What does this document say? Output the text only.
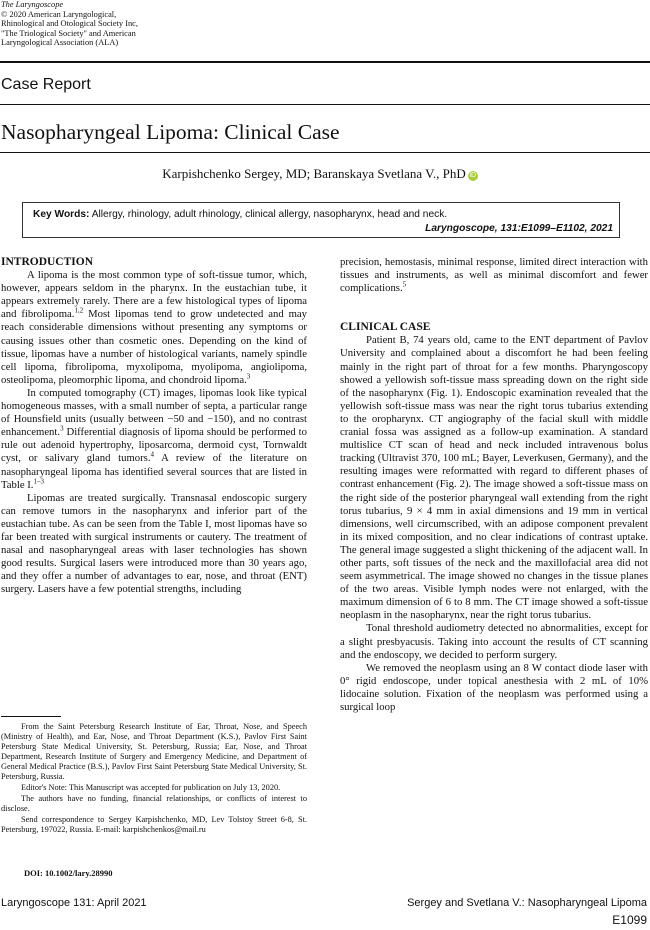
The Laryngoscope
© 2020 American Laryngological,
Rhinological and Otological Society Inc,
"The Triological Society" and American
Laryngological Association (ALA)
Case Report
Nasopharyngeal Lipoma: Clinical Case
Karpishchenko Sergey, MD; Baranskaya Svetlana V., PhD iD
Key Words: Allergy, rhinology, adult rhinology, clinical allergy, nasopharynx, head and neck.
Laryngoscope, 131:E1099–E1102, 2021
INTRODUCTION

A lipoma is the most common type of soft-tissue tumor, which, however, appears seldom in the pharynx. In the eustachian tube, it appears extremely rarely. There are a few histological types of lipoma and fibrolipoma.$^{1,2}$ Most lipomas tend to grow undetected and may reach considerable dimensions without presenting any symptoms or causing issues other than cosmetic ones. Depending on the kind of tissue, lipomas have a number of histological variants, namely spindle cell lipoma, fibrolipoma, myxolipoma, myolipoma, angiolipoma, osteolipoma, pleomorphic lipoma, and chondroid lipoma.$^3$

In computed tomography (CT) images, lipomas look like typical homogeneous masses, with a small number of septa, a particular range of Hounsfield units (usually between −50 and −150), and no contrast enhancement.$^3$ Differential diagnosis of lipoma should be performed to rule out adenoid hypertrophy, liposarcoma, dermoid cyst, Tornwaldt cyst, or salivary gland tumors.$^4$ A review of the literature on nasopharyngeal lipoma has identified several sources that are listed in Table I.$^{1-3}$

Lipomas are treated surgically. Transnasal endoscopic surgery can remove tumors in the nasopharynx and inferior part of the eustachian tube. As can be seen from the Table I, most lipomas have so far been treated with surgical instruments or cautery. The treatment of nasal and nasopharyngeal areas with laser technologies has shown good results. Surgical lasers were introduced more than 30 years ago, and they offer a number of advantages to ear, nose, and throat (ENT) surgery. Lasers have a few potential strengths, including

From the Saint Petersburg Research Institute of Ear, Throat, Nose, and Speech (Ministry of Health), and Ear, Nose, and Throat Department (K.S.), Pavlov First Saint Petersburg State Medical University, St. Petersburg, Russia; Ear, Nose, and Throat Department, Research Institute of Surgery and Emergency Medicine, and Department of General Medical Practice (B.S.), Pavlov First Saint Petersburg State Medical University, St. Petersburg, Russia.

Editor's Note: This Manuscript was accepted for publication on July 13, 2020.

The authors have no funding, financial relationships, or conflicts of interest to disclose.

Send correspondence to Sergey Karpishchenko, MD, Lev Tolstoy Street 6-8, St. Petersburg, 197022, Russia. E-mail: karpishchenkos@mail.ru

DOI: 10.1002/lary.28990

precision, hemostasis, minimal response, limited direct interaction with tissues and instruments, as well as minimal discomfort and fewer complications.$^5$

CLINICAL CASE

Patient B, 74 years old, came to the ENT department of Pavlov University and complained about a discomfort he had been feeling mainly in the right part of throat for a few months. Pharyngoscopy showed a yellowish soft-tissue mass spreading down on the right side of the nasopharynx (Fig. 1). Endoscopic examination revealed that the yellowish soft-tissue mass was near the right torus tubarius extending to the oropharynx. CT angiography of the facial skull with middle cranial fossa was assigned as a follow-up examination. A standard multislice CT scan of head and neck included intravenous bolus tracking (Ultravist 370, 100 mL; Bayer, Leverkusen, Germany), and the resulting images were reformatted with regard to different phases of contrast enhancement (Fig. 2). The image showed a soft-tissue mass on the right side of the posterior pharyngeal wall extending from the right torus tubarius, 9 × 4 mm in axial dimensions and 19 mm in vertical dimensions, well circumscribed, with an adipose component prevalent in its mixed composition, and no clear indications of contrast uptake. The general image suggested a slight thickening of the adjacent wall. In other parts, soft tissues of the neck and the maxillofacial area did not seem asymmetrical. The image showed no changes in the tissue planes of the two areas. Visible lymph nodes were not enlarged, with the maximum dimension of 6 to 8 mm. The CT image showed a soft-tissue neoplasm in the nasopharynx, near the right torus tubarius.

Tonal threshold audiometry detected no abnormalities, except for a slight presbyacusis. Taking into account the results of CT scanning and the endoscopy, we decided to perform surgery.

We removed the neoplasm using an 8 W contact diode laser with 0° rigid endoscope, under topical anesthesia with 2 mL of 10% lidocaine solution. Fixation of the neoplasm was performed using a surgical loop

Laryngoscope 131: April 2021	Sergey and Svetlana V.: Nasopharyngeal Lipoma
E1099
